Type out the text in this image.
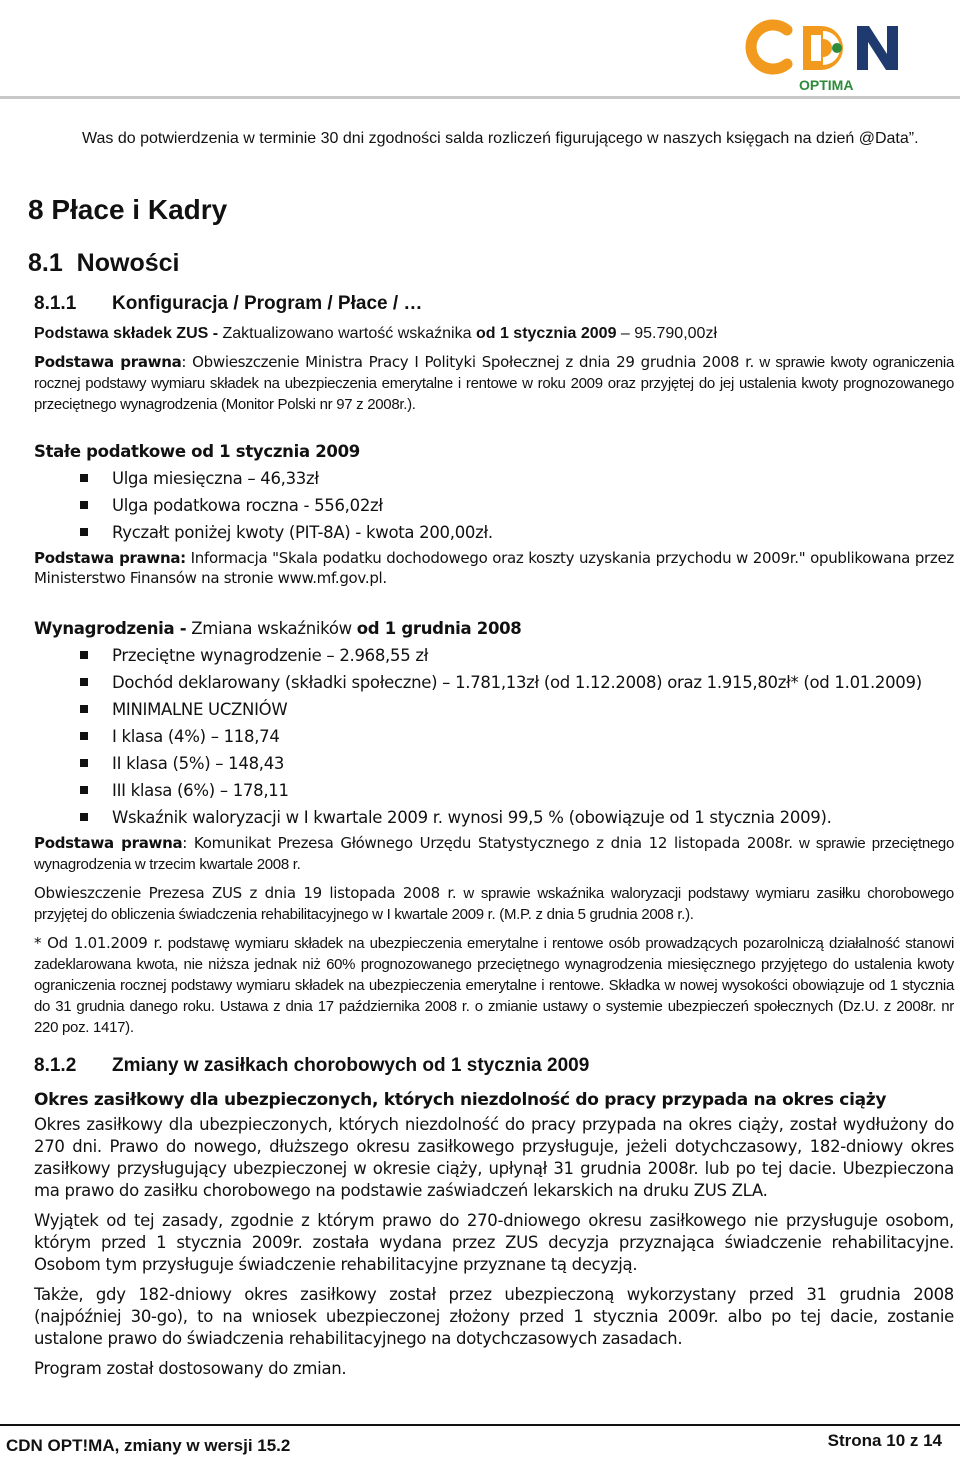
OPTIMA

Was do potwierdzenia w terminie 30 dni zgodności salda rozliczeń figurującego w naszych księgach na dzień @Data”.

8 Płace i Kadry
8.1 Nowości
8.1.1 Konfiguracja / Program / Płace / …

Podstawa składek ZUS - Zaktualizowano wartość wskaźnika od 1 stycznia 2009 – 95.790,00zł

Podstawa prawna: Obwieszczenie Ministra Pracy I Polityki Społecznej z dnia 29 grudnia 2008 r. w sprawie kwoty ograniczenia rocznej podstawy wymiaru składek na ubezpieczenia emerytalne i rentowe w roku 2009 oraz przyjętej do jej ustalenia kwoty prognozowanego przeciętnego wynagrodzenia (Monitor Polski nr 97 z 2008r.).

Stałe podatkowe od 1 stycznia 2009

Ulga miesięczna – 46,33zł
Ulga podatkowa roczna - 556,02zł
Ryczałt poniżej kwoty (PIT-8A) - kwota 200,00zł.

Podstawa prawna: Informacja "Skala podatku dochodowego oraz koszty uzyskania przychodu w 2009r." opublikowana przez Ministerstwo Finansów na stronie www.mf.gov.pl.

Wynagrodzenia - Zmiana wskaźników od 1 grudnia 2008

Przeciętne wynagrodzenie – 2.968,55 zł
Dochód deklarowany (składki społeczne) – 1.781,13zł (od 1.12.2008) oraz 1.915,80zł* (od 1.01.2009)
MINIMALNE UCZNIÓW
I klasa (4%) – 118,74
II klasa (5%) – 148,43
III klasa (6%) – 178,11
Wskaźnik waloryzacji w I kwartale 2009 r. wynosi 99,5 % (obowiązuje od 1 stycznia 2009).

Podstawa prawna: Komunikat Prezesa Głównego Urzędu Statystycznego z dnia 12 listopada 2008r. w sprawie przeciętnego wynagrodzenia w trzecim kwartale 2008 r.

Obwieszczenie Prezesa ZUS z dnia 19 listopada 2008 r. w sprawie wskaźnika waloryzacji podstawy wymiaru zasiłku chorobowego przyjętej do obliczenia świadczenia rehabilitacyjnego w I kwartale 2009 r. (M.P. z dnia 5 grudnia 2008 r.).

* Od 1.01.2009 r. podstawę wymiaru składek na ubezpieczenia emerytalne i rentowe osób prowadzących pozarolniczą działalność stanowi zadeklarowana kwota, nie niższa jednak niż 60% prognozowanego przeciętnego wynagrodzenia miesięcznego przyjętego do ustalenia kwoty ograniczenia rocznej podstawy wymiaru składek na ubezpieczenia emerytalne i rentowe. Składka w nowej wysokości obowiązuje od 1 stycznia do 31 grudnia danego roku. Ustawa z dnia 17 października 2008 r. o zmianie ustawy o systemie ubezpieczeń społecznych (Dz.U. z 2008r. nr 220 poz. 1417).

8.1.2 Zmiany w zasiłkach chorobowych od 1 stycznia 2009

Okres zasiłkowy dla ubezpieczonych, których niezdolność do pracy przypada na okres ciąży

Okres zasiłkowy dla ubezpieczonych, których niezdolność do pracy przypada na okres ciąży, został wydłużony do 270 dni. Prawo do nowego, dłuższego okresu zasiłkowego przysługuje, jeżeli dotychczasowy, 182-dniowy okres zasiłkowy przysługujący ubezpieczonej w okresie ciąży, upłynął 31 grudnia 2008r. lub po tej dacie. Ubezpieczona ma prawo do zasiłku chorobowego na podstawie zaświadczeń lekarskich na druku ZUS ZLA.

Wyjątek od tej zasady, zgodnie z którym prawo do 270-dniowego okresu zasiłkowego nie przysługuje osobom, którym przed 1 stycznia 2009r. została wydana przez ZUS decyzja przyznająca świadczenie rehabilitacyjne. Osobom tym przysługuje świadczenie rehabilitacyjne przyznane tą decyzją.

Także, gdy 182-dniowy okres zasiłkowy został przez ubezpieczoną wykorzystany przed 31 grudnia 2008 (najpóźniej 30-go), to na wniosek ubezpieczonej złożony przed 1 stycznia 2009r. albo po tej dacie, zostanie ustalone prawo do świadczenia rehabilitacyjnego na dotychczasowych zasadach.

Program został dostosowany do zmian.

CDN OPT!MA, zmiany w wersji 15.2	Strona 10 z 14
